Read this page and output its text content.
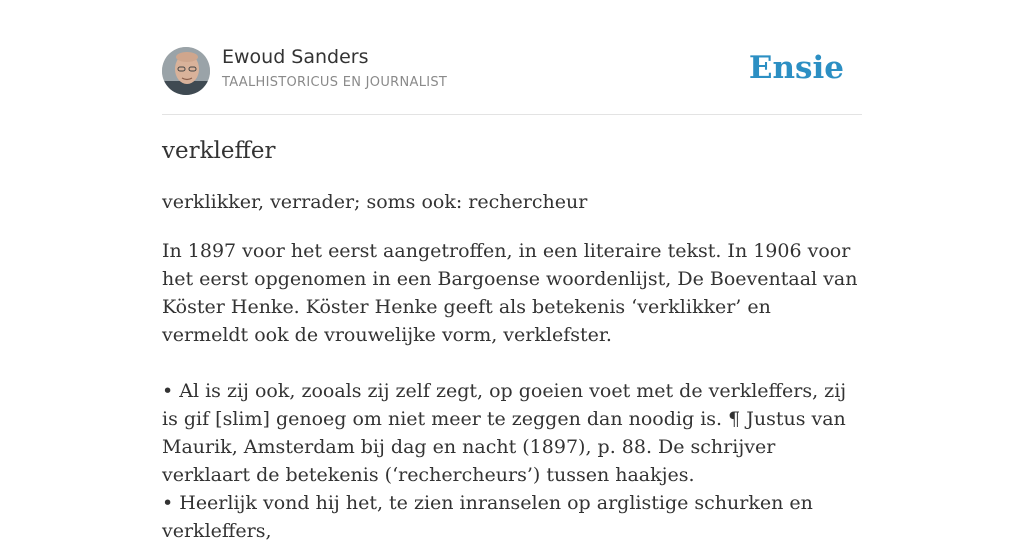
Ewoud Sanders
TAALHISTORICUS EN JOURNALIST	Ensie
verkleffer
verklikker, verrader; soms ook: rechercheur

In 1897 voor het eerst aangetroffen, in een literaire tekst. In 1906 voor het eerst opgenomen in een Bargoense woordenlijst, De Boeventaal van Köster Henke. Köster Henke geeft als betekenis ‘verklikker’ en vermeldt ook de vrouwelijke vorm, verklefster.

• Al is zij ook, zooals zij zelf zegt, op goeien voet met de verkleffers, zij is gif [slim] genoeg om niet meer te zeggen dan noodig is. ¶ Justus van Maurik, Amsterdam bij dag en nacht (1897), p. 88. De schrijver verklaart de betekenis (‘rechercheurs’) tussen haakjes.

• Heerlijk vond hij het, te zien inranselen op arglistige schurken en verkleffers,
